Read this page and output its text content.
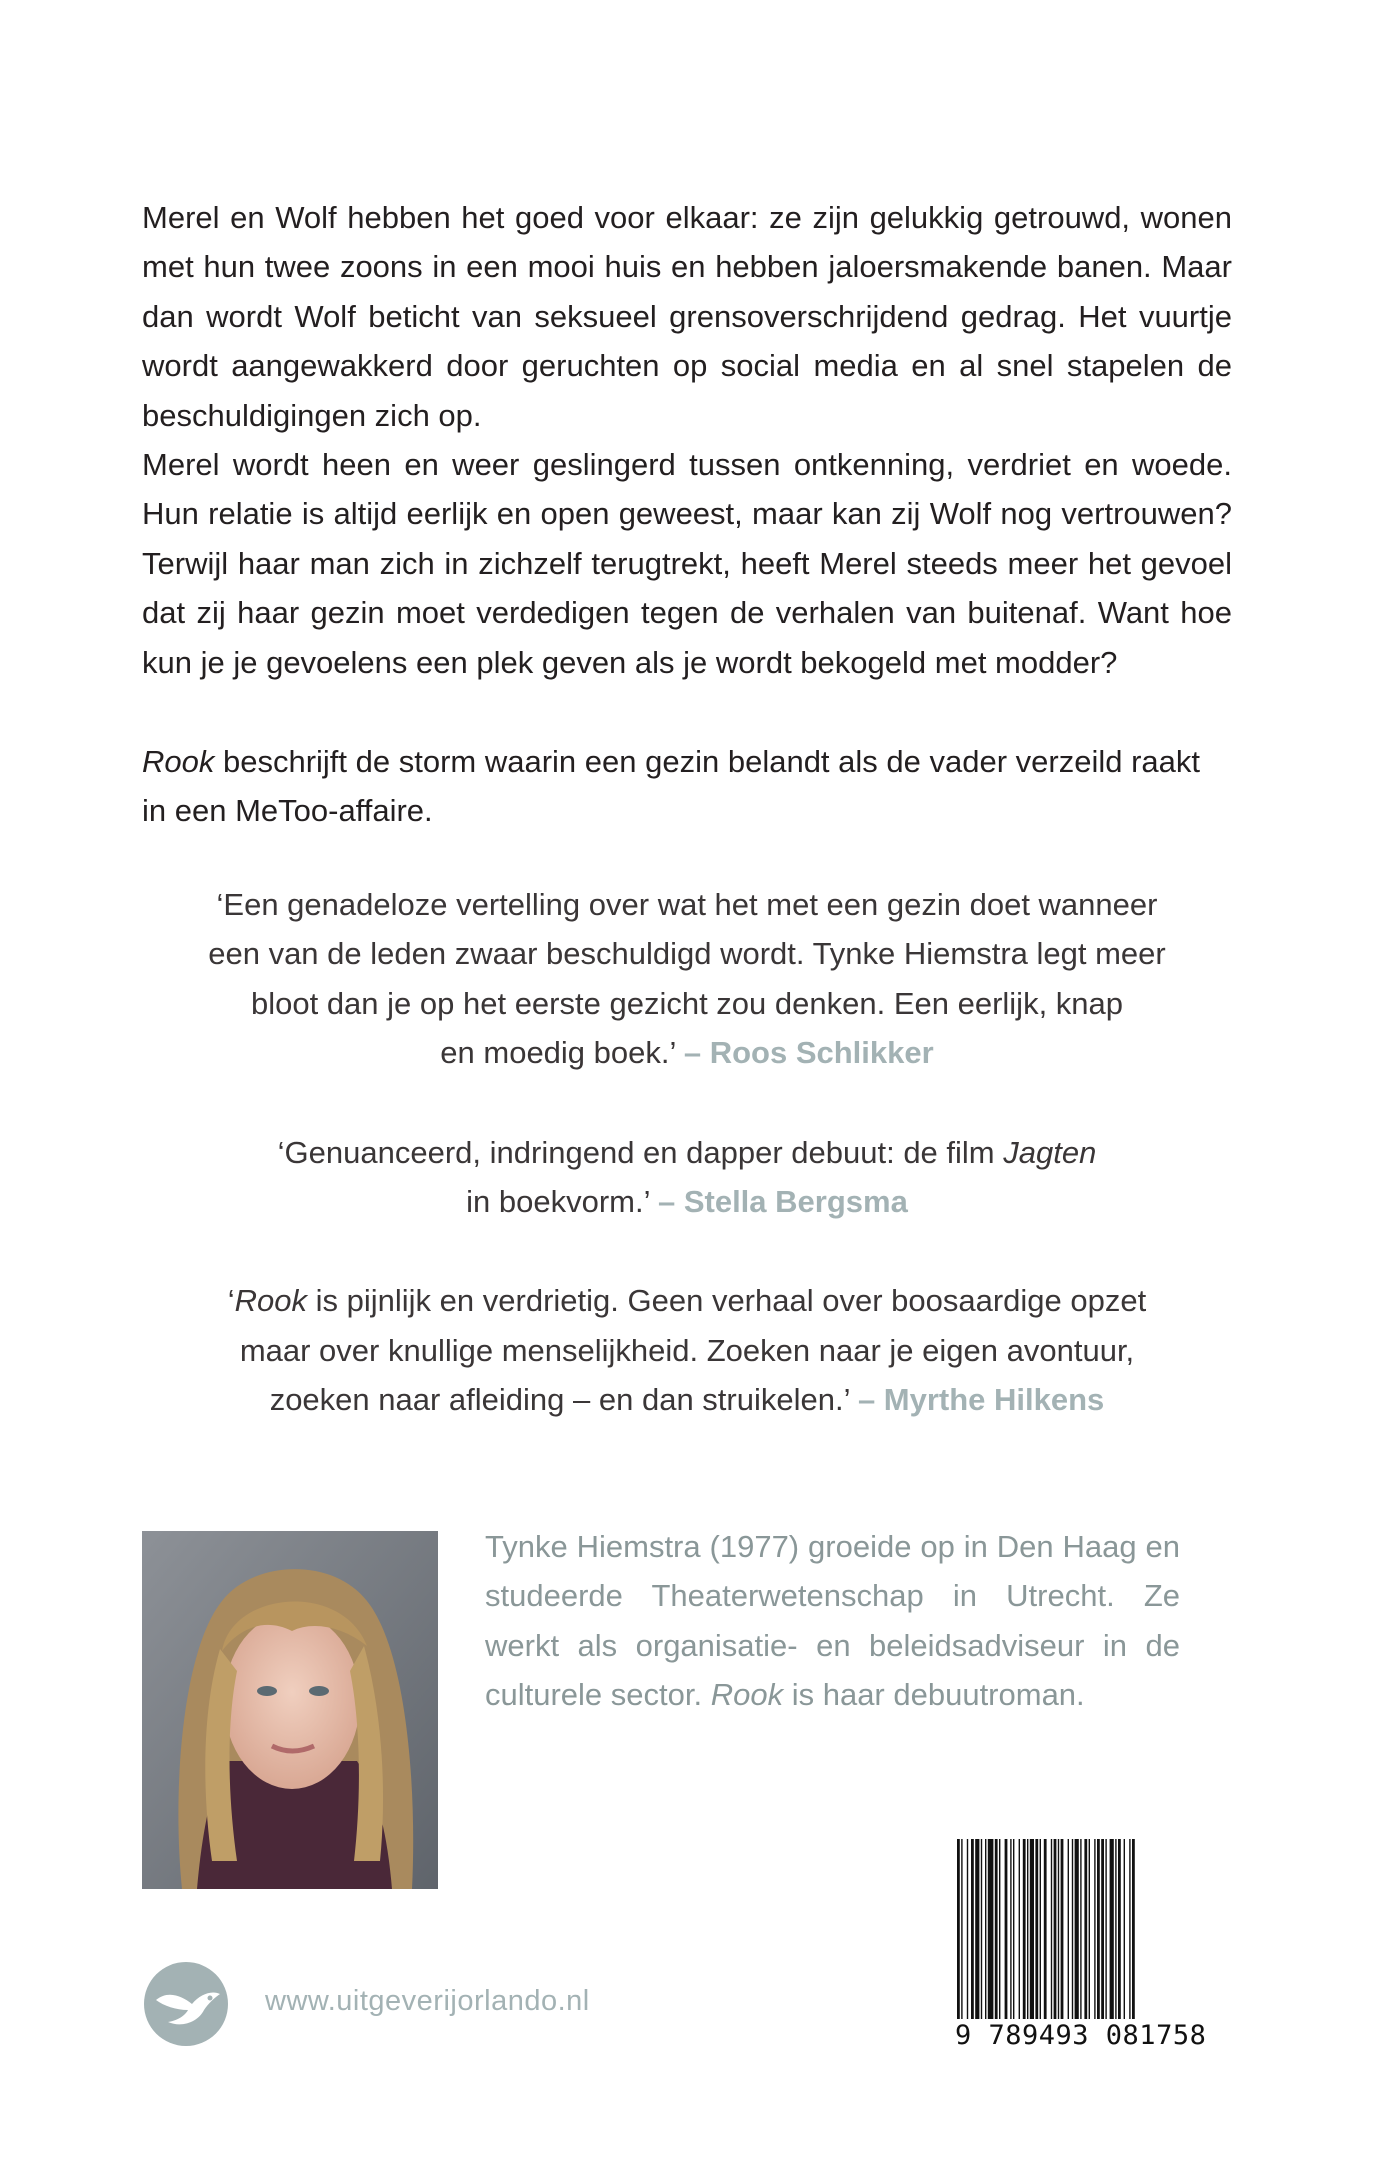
Merel en Wolf hebben het goed voor elkaar: ze zijn gelukkig getrouwd, wonen met hun twee zoons in een mooi huis en hebben jaloersmakende banen. Maar dan wordt Wolf beticht van seksueel grensoverschrijdend gedrag. Het vuurtje wordt aangewakkerd door geruchten op social media en al snel stapelen de beschuldigingen zich op.

Merel wordt heen en weer geslingerd tussen ontkenning, verdriet en woede. Hun relatie is altijd eerlijk en open geweest, maar kan zij Wolf nog vertrouwen? Terwijl haar man zich in zichzelf terugtrekt, heeft Merel steeds meer het gevoel dat zij haar gezin moet verdedigen tegen de verhalen van buitenaf. Want hoe kun je je gevoelens een plek geven als je wordt bekogeld met modder?

Rook beschrijft de storm waarin een gezin belandt als de vader verzeild raakt in een MeToo-affaire.

‘Een genadeloze vertelling over wat het met een gezin doet wanneer
een van de leden zwaar beschuldigd wordt. Tynke Hiemstra legt meer
bloot dan je op het eerste gezicht zou denken. Een eerlijk, knap
en moedig boek.’ – Roos Schlikker
‘Genuanceerd, indringend en dapper debuut: de film Jagten
in boekvorm.’ – Stella Bergsma
‘Rook is pijnlijk en verdrietig. Geen verhaal over boosaardige opzet
maar over knullige menselijkheid. Zoeken naar je eigen avontuur,
zoeken naar afleiding – en dan struikelen.’ – Myrthe Hilkens
Tynke Hiemstra (1977) groeide op in Den Haag en studeerde Theaterwetenschap in Utrecht. Ze werkt als organisatie- en beleidsadviseur in de culturele sector. Rook is haar debuutroman.
www.uitgeverijorlando.nl
9 789493 081758
